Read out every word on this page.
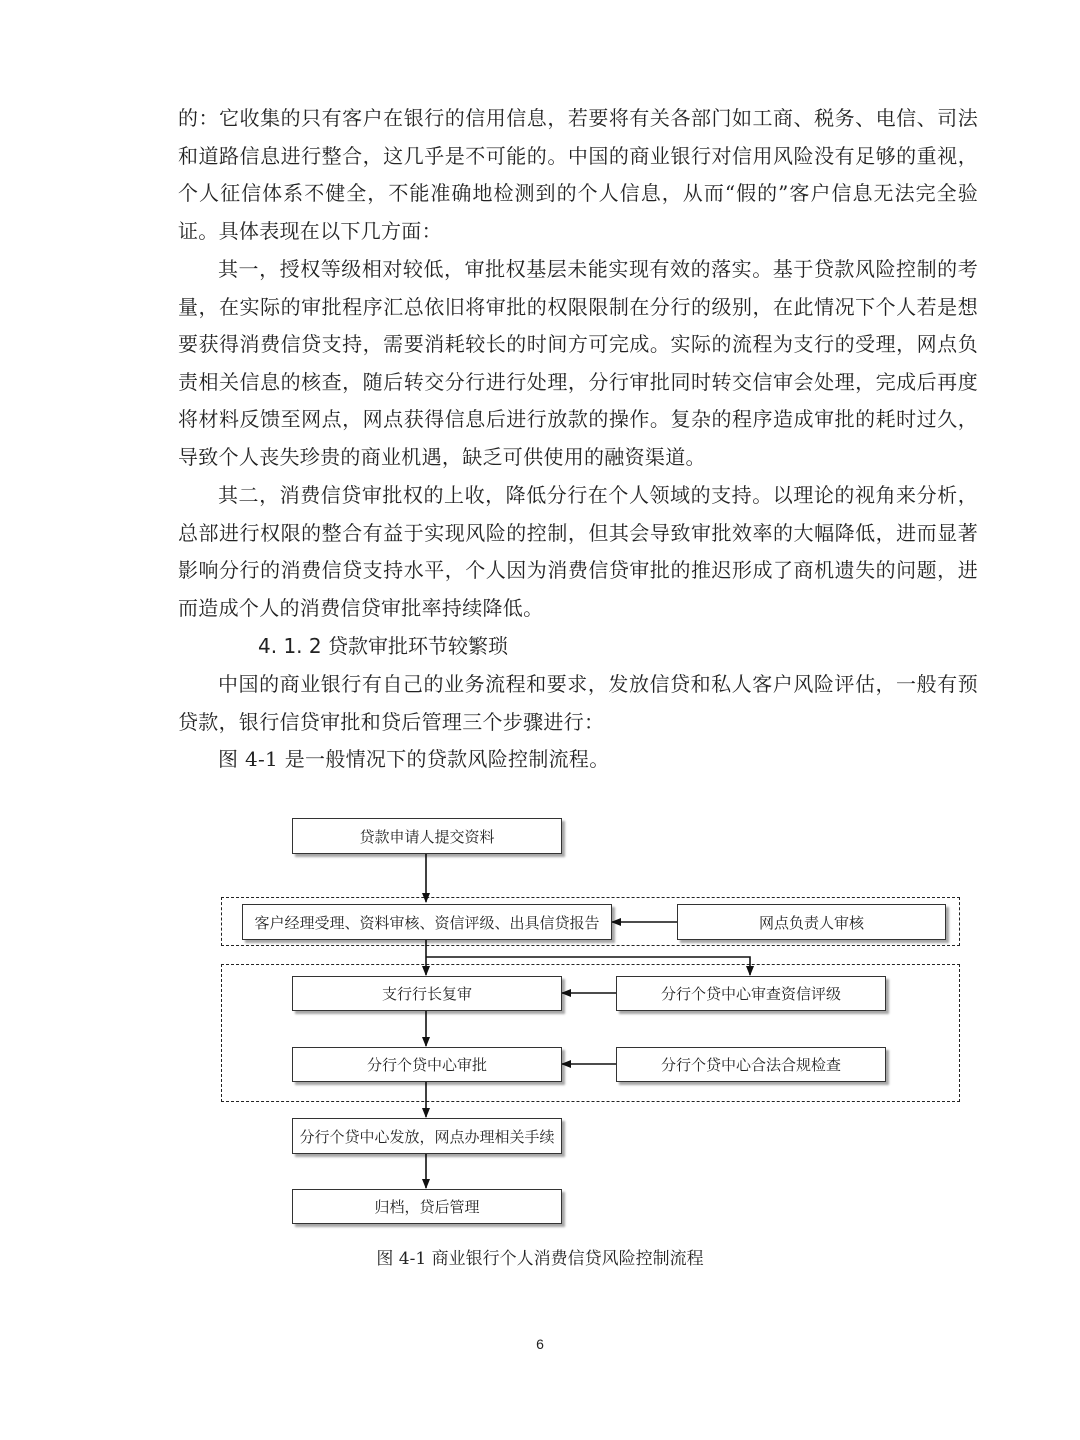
的：它收集的只有客户在银行的信用信息，若要将有关各部门如工商、税务、电信、司法和道路信息进行整合，这几乎是不可能的。中国的商业银行对信用风险没有足够的重视，个人征信体系不健全，不能准确地检测到的个人信息，从而“假的”客户信息无法完全验证。具体表现在以下几方面：

其一，授权等级相对较低，审批权基层未能实现有效的落实。基于贷款风险控制的考量，在实际的审批程序汇总依旧将审批的权限限制在分行的级别，在此情况下个人若是想要获得消费信贷支持，需要消耗较长的时间方可完成。实际的流程为支行的受理，网点负责相关信息的核查，随后转交分行进行处理，分行审批同时转交信审会处理，完成后再度将材料反馈至网点，网点获得信息后进行放款的操作。复杂的程序造成审批的耗时过久，导致个人丧失珍贵的商业机遇，缺乏可供使用的融资渠道。

其二，消费信贷审批权的上收，降低分行在个人领域的支持。以理论的视角来分析，总部进行权限的整合有益于实现风险的控制，但其会导致审批效率的大幅降低，进而显著影响分行的消费信贷支持水平，个人因为消费信贷审批的推迟形成了商机遗失的问题，进而造成个人的消费信贷审批率持续降低。

4. 1. 2 贷款审批环节较繁琐

中国的商业银行有自己的业务流程和要求，发放信贷和私人客户风险评估，一般有预贷款，银行信贷审批和贷后管理三个步骤进行：

图 4-1 是一般情况下的贷款风险控制流程。

贷款申请人提交资料
客户经理受理、资料审核、资信评级、出具信贷报告	网点负责人审核
支行行长复审	分行个贷中心审查资信评级
分行个贷中心审批	分行个贷中心合法合规检查
分行个贷中心发放，网点办理相关手续
归档，贷后管理
图 4-1 商业银行个人消费信贷风险控制流程
6
